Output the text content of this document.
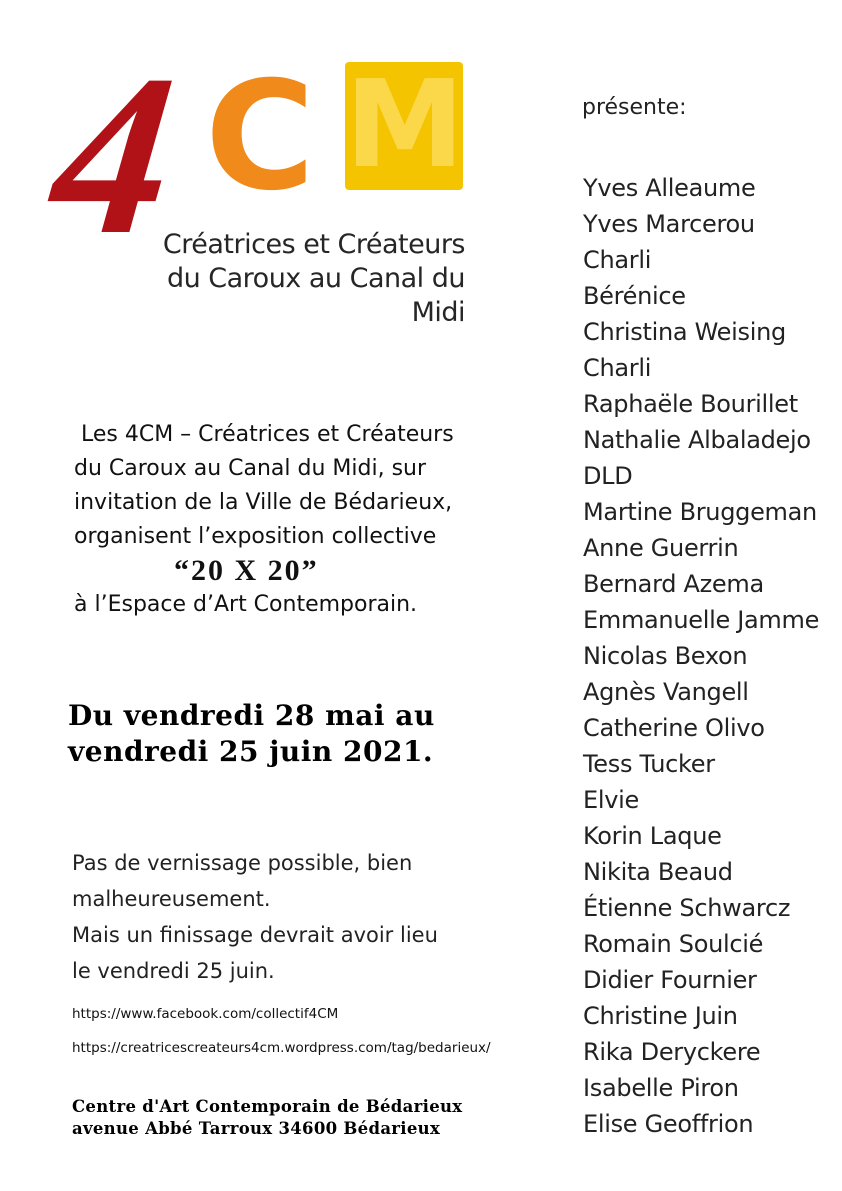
4 C M
Créatrices et Créateurs
du Caroux au Canal du Midi
Les 4CM – Créatrices et Créateurs
du Caroux au Canal du Midi, sur
invitation de la Ville de Bédarieux,
organisent l’exposition collective
“20 X 20”
à l’Espace d’Art Contemporain.
Du vendredi 28 mai au
vendredi 25 juin 2021.
Pas de vernissage possible, bien
malheureusement.
Mais un finissage devrait avoir lieu
le vendredi 25 juin.
https://www.facebook.com/collectif4CM
https://creatricescreateurs4cm.wordpress.com/tag/bedarieux/
Centre d'Art Contemporain de Bédarieux
avenue Abbé Tarroux 34600 Bédarieux
présente:
Yves Alleaume
Yves Marcerou
Charli
Bérénice
Christina Weising
Charli
Raphaële Bourillet
Nathalie Albaladejo
DLD
Martine Bruggeman
Anne Guerrin
Bernard Azema
Emmanuelle Jamme
Nicolas Bexon
Agnès Vangell
Catherine Olivo
Tess Tucker
Elvie
Korin Laque
Nikita Beaud
Étienne Schwarcz
Romain Soulcié
Didier Fournier
Christine Juin
Rika Deryckere
Isabelle Piron
Elise Geoffrion
